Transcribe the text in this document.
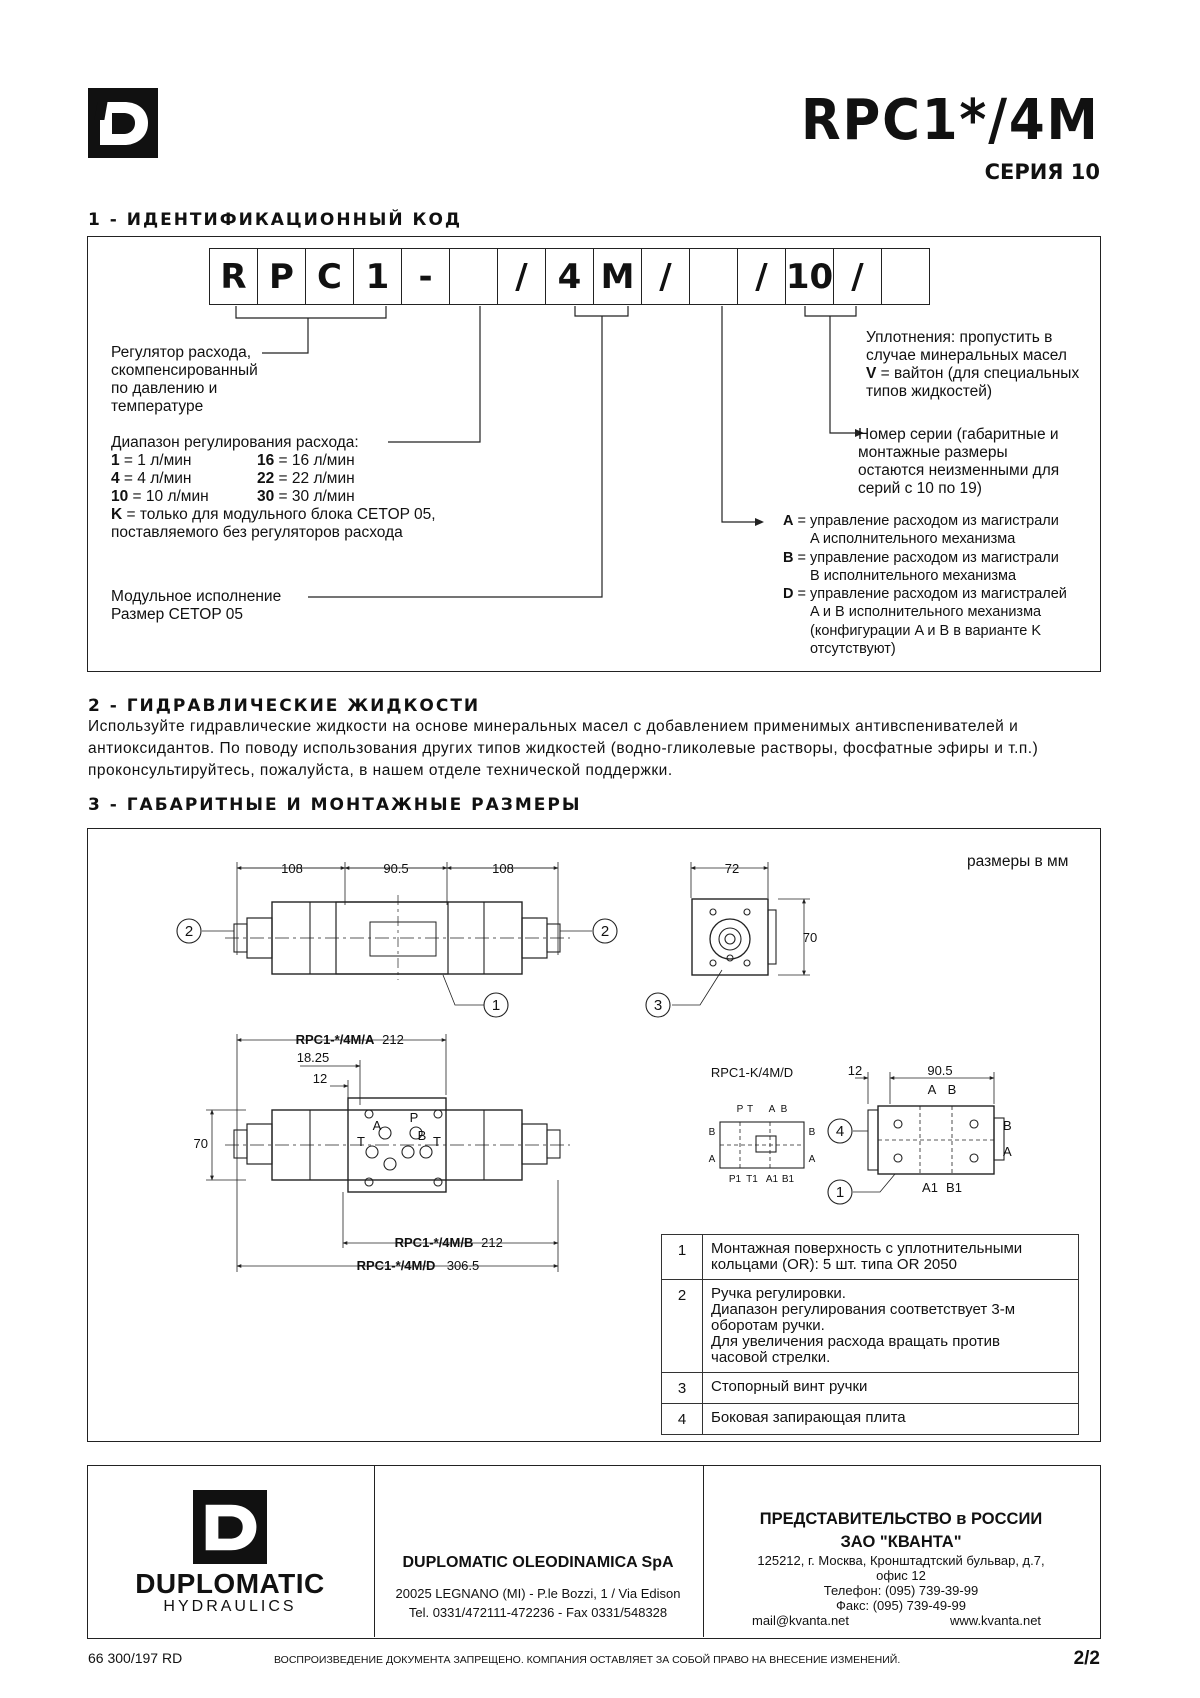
RPC1*/4M
СЕРИЯ 10
1 - ИДЕНТИФИКАЦИОННЫЙ КОД
R P C 1 -	/ 4 M /	/ 10 /
Регулятор расхода,
скомпенсированный
по давлению и
температуре
Диапазон регулирования расхода:
1 = 1 л/мин	16 = 16 л/мин
4 = 4 л/мин	22 = 22 л/мин
10 = 10 л/мин	30 = 30 л/мин
K = только для модульного блока CETOP 05,
поставляемого без регуляторов расхода
Модульное исполнение
Размер CETOP 05
Уплотнения: пропустить в
случае минеральных масел
V = вайтон (для специальных
типов жидкостей)
Номер серии (габаритные и
монтажные размеры
остаются неизменными для
серий с 10 по 19)
A = управление расходом из магистрали
A исполнительного механизма
B = управление расходом из магистрали
B исполнительного механизма
D = управление расходом из магистралей
A и B исполнительного механизма
(конфигурации A и B в варианте K
отсутствуют)
2 - ГИДРАВЛИЧЕСКИЕ ЖИДКОСТИ
Используйте гидравлические жидкости на основе минеральных масел с добавлением применимых антивспенивателей и антиоксидантов. По поводу использования других типов жидкостей (водно-гликолевые растворы, фосфатные эфиры и т.п.) проконсультируйтесь, пожалуйста, в нашем отделе технической поддержки.
3 - ГАБАРИТНЫЕ И МОНТАЖНЫЕ РАЗМЕРЫ
размеры в мм
108	90.5	108	72
70
RPC1-*/4M/A 212
18.25
12
70
RPC1-*/4M/B 212
RPC1-*/4M/D 306.5
RPC1-K/4M/D	12	90.5
2	2
1	3
4
1
P
A
B
T	T
P T A B
B
A
B
A
P1 T1 A1 B1
A B
B
A
A1 B1
1	Монтажная поверхность с уплотнительными
кольцами (OR): 5 шт. типа OR 2050

2	Ручка регулировки.
Диапазон регулирования соответствует 3-м
оборотам ручки.
Для увеличения расхода вращать против
часовой стрелки.

3	Стопорный винт ручки

4	Боковая запирающая плита
DUPLOMATIC
HYDRAULICS
DUPLOMATIC OLEODINAMICA SpA
20025 LEGNANO (MI) - P.le Bozzi, 1 / Via Edison
Tel. 0331/472111-472236 - Fax 0331/548328
ПРЕДСТАВИТЕЛЬСТВО в РОССИИ
ЗАО "КВАНТА"
125212, г. Москва, Кронштадтский бульвар, д.7,
офис 12
Телефон: (095) 739-39-99
Факс: (095) 739-49-99
mail@kvanta.net	www.kvanta.net
66 300/197 RD	ВОСПРОИЗВЕДЕНИЕ ДОКУМЕНТА ЗАПРЕЩЕНО. КОМПАНИЯ ОСТАВЛЯЕТ ЗА СОБОЙ ПРАВО НА ВНЕСЕНИЕ ИЗМЕНЕНИЙ.	2/2
